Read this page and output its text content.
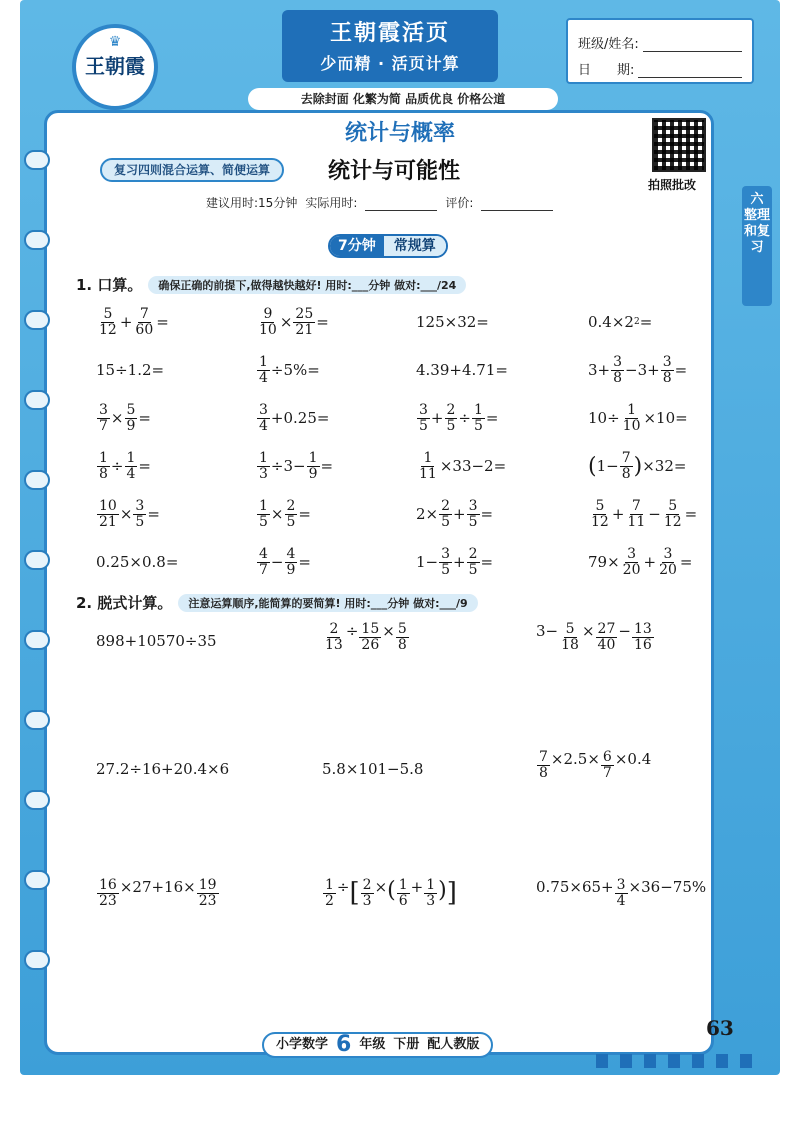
♛
王朝霞
王朝霞活页
少而精 · 活页计算
去除封面 化繁为简 品质优良 价格公道
班级/姓名:
日　　期:
六 整理和复习
统计与概率
复习四则混合运算、简便运算	统计与可能性
建议用时:15分钟 实际用时:	评价:
拍照批改
7分钟	常规算
1. 口算。	确保正确的前提下,做得越快越好! 用时:___分钟 做对:___/24
$\frac{5}{12} + \frac{7}{60}$ =	$\frac{9}{10} \times \frac{25}{21}$ =	125×32=	0.4×2 2 =
15÷1.2=	$\frac{1}{4} \div 5\%=$	4.39+4.71=	$3+ \frac{3}{8} -3+ \frac{3}{8}$ =
$\frac{3}{7} \times \frac{5}{9}$ =	$\frac{3}{4} +0.25=$	$\frac{3}{5} + \frac{2}{5} \div \frac{1}{5}$ =	$10\div \frac{1}{10} \times 10=$
$\frac{1}{8} \div \frac{1}{4}$ =	$\frac{1}{3} \div 3- \frac{1}{9}$ =	$\frac{1}{11} \times 33-2=$	( $1- \frac{7}{8}$ ) ×32=
$\frac{10}{21} \times \frac{3}{5}$ =	$\frac{1}{5} \times \frac{2}{5}$ =	$2\times \frac{2}{5} + \frac{3}{5}$ =	$\frac{5}{12} + \frac{7}{11} - \frac{5}{12}$ =
0.25×0.8=	$\frac{4}{7} - \frac{4}{9}$ =	$1- \frac{3}{5} + \frac{2}{5}$ =	$79\times \frac{3}{20} + \frac{3}{20}$ =
2. 脱式计算。	注意运算顺序,能简算的要简算! 用时:___分钟 做对:___/9
898+10570÷35	$\frac{2}{13} \div \frac{15}{26} \times \frac{5}{8}$	$3- \frac{5}{18} \times \frac{27}{40} - \frac{13}{16}$
27.2÷16+20.4×6	5.8×101−5.8	$\frac{7}{8} \times 2.5\times \frac{6}{7} \times 0.4$
$\frac{16}{23} \times 27+16\times \frac{19}{23}$	$\frac{1}{2}$ ÷ [ $\frac{2}{3}$ × ( $\frac{1}{6} + \frac{1}{3}$ ) ]	$0.75\times 65+ \frac{3}{4} \times 36-75\%$
小学数学 6 年级 下册 配人教版
63
